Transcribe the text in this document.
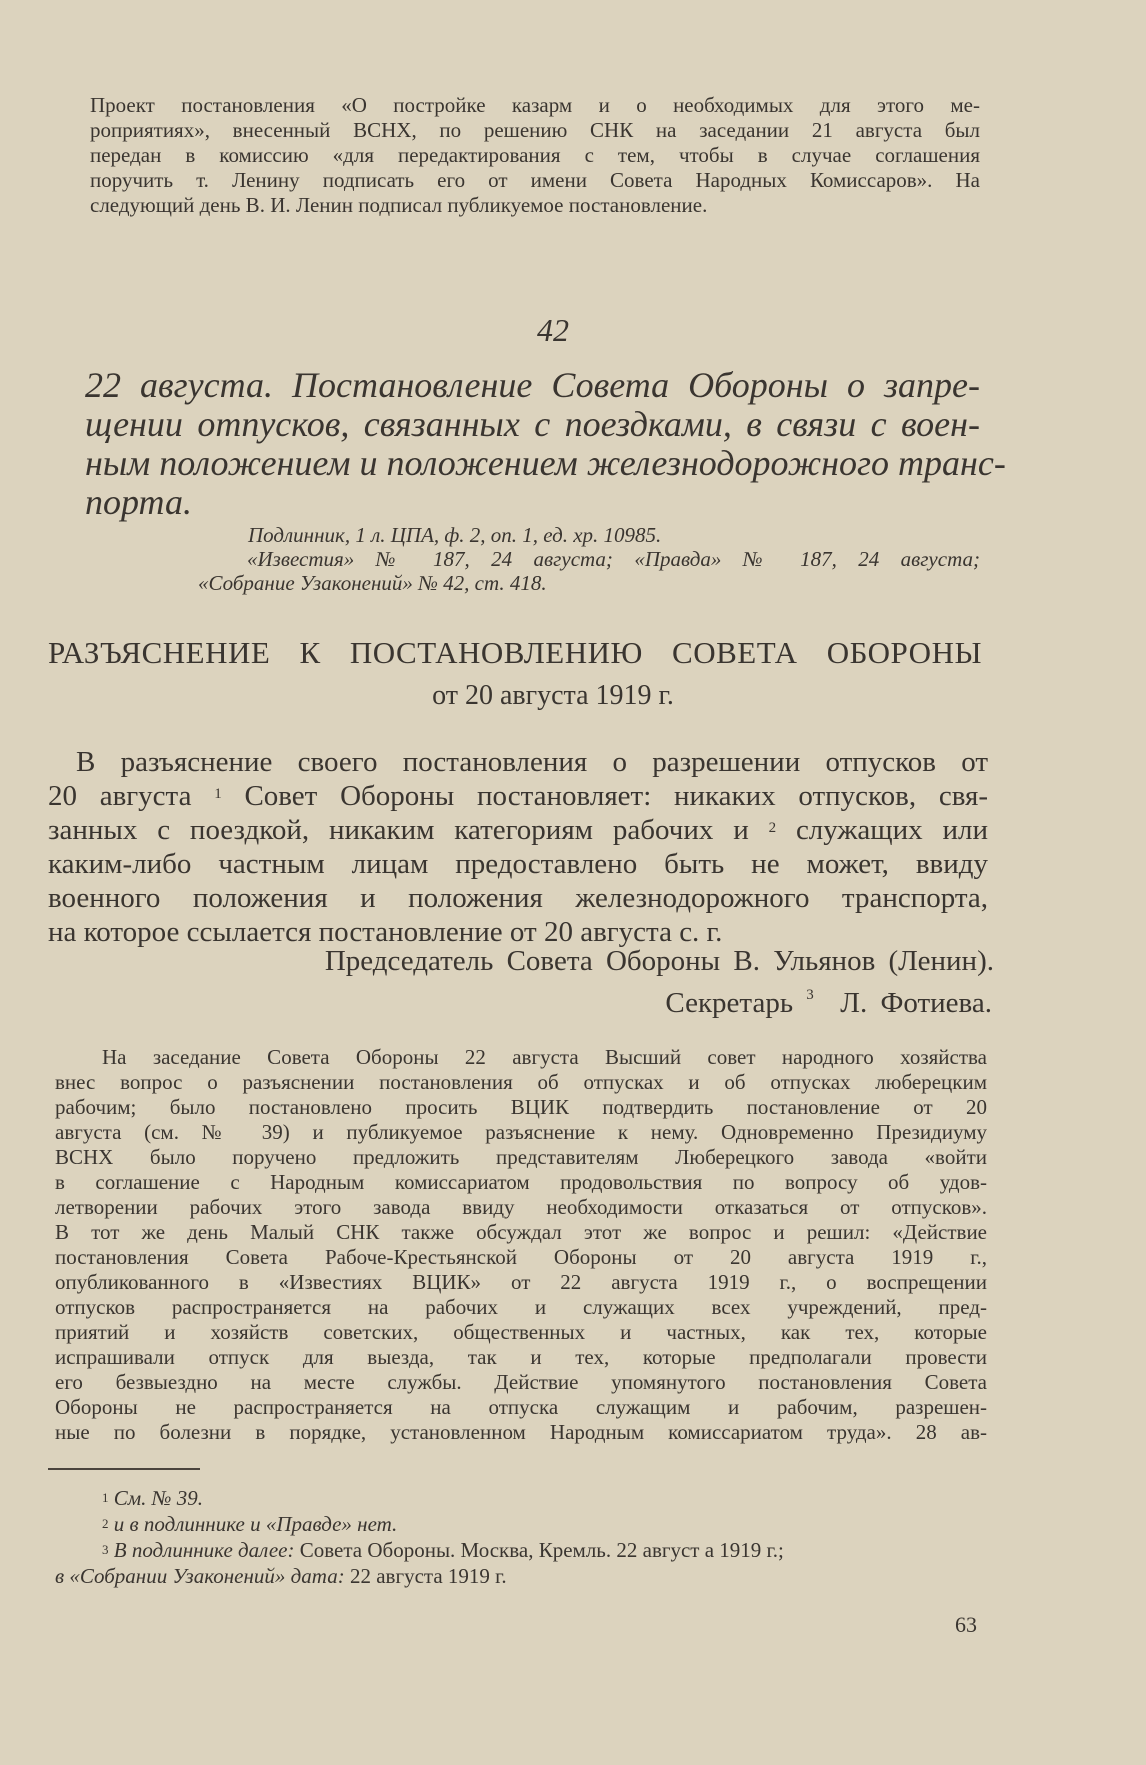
Проект постановления «О постройке казарм и о необходимых для этого ме-
роприятиях», внесенный ВСНХ, по решению СНК на заседании 21 августа был
передан в комиссию «для передактирования с тем, чтобы в случае соглашения
поручить т. Ленину подписать его от имени Совета Народных Комиссаров». На
следующий день В. И. Ленин подписал публикуемое постановление.
42
22 августа. Постановление Совета Обороны о запре-
щении отпусков, связанных с поездками, в связи с воен-
ным положением и положением железнодорожного транс-
порта.
Подлинник, 1 л. ЦПА, ф. 2, оп. 1, ед. хр. 10985.
«Известия» № 187, 24 августа; «Правда» № 187, 24 августа;
«Собрание Узаконений» № 42, ст. 418.
РАЗЪЯСНЕНИЕ К ПОСТАНОВЛЕНИЮ СОВЕТА ОБОРОНЫ
от 20 августа 1919 г.
В разъяснение своего постановления о разрешении отпусков от
20 августа $^1$ Совет Обороны постановляет: никаких отпусков, свя-
занных с поездкой, никаким категориям рабочих и $^2$ служащих или
каким-либо частным лицам предоставлено быть не может, ввиду
военного положения и положения железнодорожного транспорта,
на которое ссылается постановление от 20 августа с. г.
Председатель Совета Обороны В. Ульянов (Ленин).
Секретарь $^3$ Л. Фотиева.
На заседание Совета Обороны 22 августа Высший совет народного хозяйства
внес вопрос о разъяснении постановления об отпусках и об отпусках люберецким
рабочим; было постановлено просить ВЦИК подтвердить постановление от 20
августа (см. № 39) и публикуемое разъяснение к нему. Одновременно Президиуму
ВСНХ было поручено предложить представителям Люберецкого завода «войти
в соглашение с Народным комиссариатом продовольствия по вопросу об удов-
летворении рабочих этого завода ввиду необходимости отказаться от отпусков».
В тот же день Малый СНК также обсуждал этот же вопрос и решил: «Действие
постановления Совета Рабоче-Крестьянской Обороны от 20 августа 1919 г.,
опубликованного в «Известиях ВЦИК» от 22 августа 1919 г., о воспрещении
отпусков распространяется на рабочих и служащих всех учреждений, пред-
приятий и хозяйств советских, общественных и частных, как тех, которые
испрашивали отпуск для выезда, так и тех, которые предполагали провести
его безвыездно на месте службы. Действие упомянутого постановления Совета
Обороны не распространяется на отпуска служащим и рабочим, разрешен-
ные по болезни в порядке, установленном Народным комиссариатом труда». 28 ав-
$^1$ См. № 39.
$^2$ и в подлиннике и «Правде» нет.
$^3$ В подлиннике далее: Совета Обороны. Москва, Кремль. 22 август а 1919 г.;
в «Собрании Узаконений» дата: 22 августа 1919 г.
63
